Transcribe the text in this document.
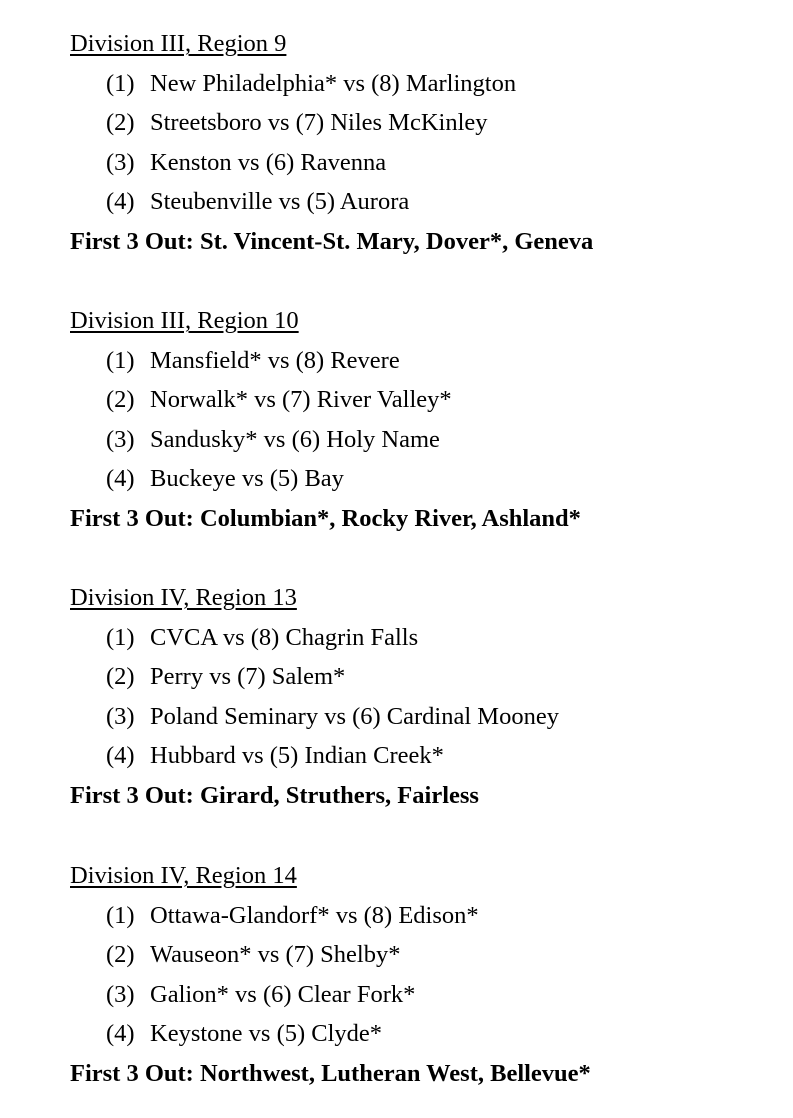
Division III, Region 9
(1) New Philadelphia* vs (8) Marlington
(2) Streetsboro vs (7) Niles McKinley
(3) Kenston vs (6) Ravenna
(4) Steubenville vs (5) Aurora
First 3 Out: St. Vincent-St. Mary, Dover*, Geneva
Division III, Region 10
(1) Mansfield* vs (8) Revere
(2) Norwalk* vs (7) River Valley*
(3) Sandusky* vs (6) Holy Name
(4) Buckeye vs (5) Bay
First 3 Out: Columbian*, Rocky River, Ashland*
Division IV, Region 13
(1) CVCA vs (8) Chagrin Falls
(2) Perry vs (7) Salem*
(3) Poland Seminary vs (6) Cardinal Mooney
(4) Hubbard vs (5) Indian Creek*
First 3 Out: Girard, Struthers, Fairless
Division IV, Region 14
(1) Ottawa-Glandorf* vs (8) Edison*
(2) Wauseon* vs (7) Shelby*
(3) Galion* vs (6) Clear Fork*
(4) Keystone vs (5) Clyde*
First 3 Out: Northwest, Lutheran West, Bellevue*
